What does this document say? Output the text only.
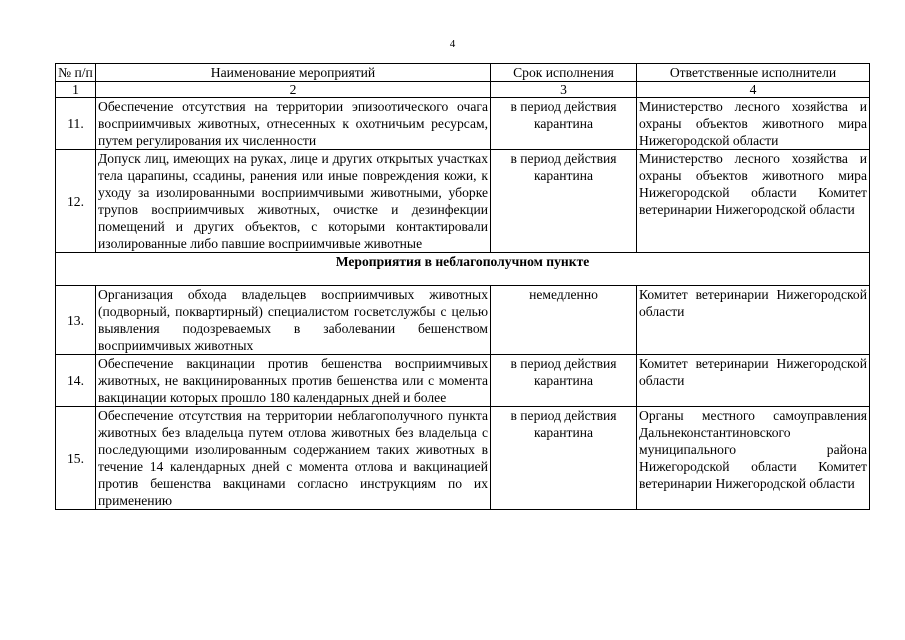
4
№ п/п	Наименование мероприятий	Срок исполнения	Ответственные исполнители
1	2	3	4
11.	Обеспечение отсутствия на территории эпизоотического очага восприимчивых животных, отнесенных к охотничьим ресурсам, путем регулирования их численности	в период действия карантина	Министерство лесного хозяйства и охраны объектов животного мира Нижегородской области
12.	Допуск лиц, имеющих на руках, лице и других открытых участках тела царапины, ссадины, ранения или иные повреждения кожи, к уходу за изолированными восприимчивыми животными, уборке трупов восприимчивых животных, очистке и дезинфекции помещений и других объектов, с которыми контактировали изолированные либо павшие восприимчивые животные	в период действия карантина	Министерство лесного хозяйства и охраны объектов животного мира Нижегородской области Комитет ветеринарии Нижегородской области
Мероприятия в неблагополучном пункте			
13.	Организация обхода владельцев восприимчивых животных (подворный, поквартирный) специалистом госветслужбы с целью выявления подозреваемых в заболевании бешенством восприимчивых животных	немедленно	Комитет ветеринарии Нижегородской области
14.	Обеспечение вакцинации против бешенства восприимчивых животных, не вакцинированных против бешенства или с момента вакцинации которых прошло 180 календарных дней и более	в период действия карантина	Комитет ветеринарии Нижегородской области
15.	Обеспечение отсутствия на территории неблагополучного пункта животных без владельца путем отлова животных без владельца с последующими изолированным содержанием таких животных в течение 14 календарных дней с момента отлова и вакцинацией против бешенства вакцинами согласно инструкциям по их применению	в период действия карантина	Органы местного самоуправления Дальнеконстантиновского муниципального района Нижегородской области Комитет ветеринарии Нижегородской области
